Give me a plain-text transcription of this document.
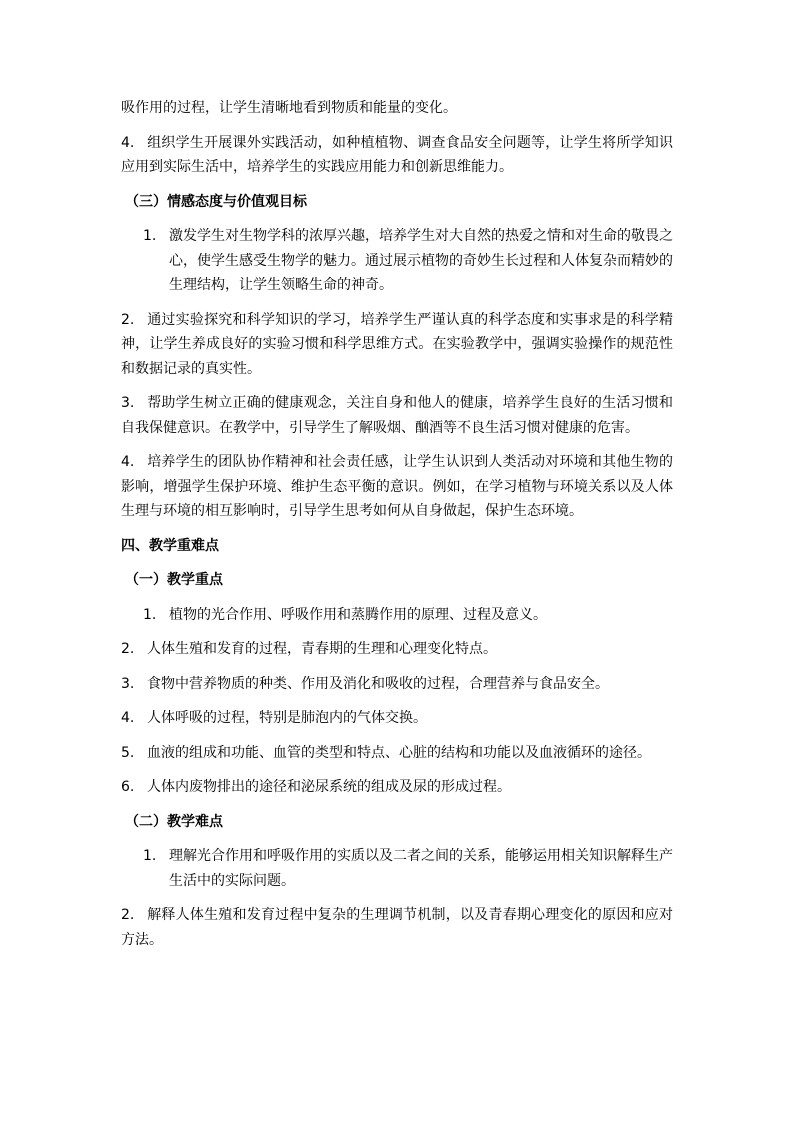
吸作用的过程，让学生清晰地看到物质和能量的变化。

4. 组织学生开展课外实践活动，如种植植物、调查食品安全问题等，让学生将所学知识应用到实际生活中，培养学生的实践应用能力和创新思维能力。
（三）情感态度与价值观目标
1. 激发学生对生物学科的浓厚兴趣，培养学生对大自然的热爱之情和对生命的敬畏之心，使学生感受生物学的魅力。通过展示植物的奇妙生长过程和人体复杂而精妙的生理结构，让学生领略生命的神奇。
2. 通过实验探究和科学知识的学习，培养学生严谨认真的科学态度和实事求是的科学精神，让学生养成良好的实验习惯和科学思维方式。在实验教学中，强调实验操作的规范性和数据记录的真实性。
3. 帮助学生树立正确的健康观念，关注自身和他人的健康，培养学生良好的生活习惯和自我保健意识。在教学中，引导学生了解吸烟、酗酒等不良生活习惯对健康的危害。
4. 培养学生的团队协作精神和社会责任感，让学生认识到人类活动对环境和其他生物的影响，增强学生保护环境、维护生态平衡的意识。例如，在学习植物与环境关系以及人体生理与环境的相互影响时，引导学生思考如何从自身做起，保护生态环境。
四、教学重难点
（一）教学重点
1. 植物的光合作用、呼吸作用和蒸腾作用的原理、过程及意义。
2. 人体生殖和发育的过程，青春期的生理和心理变化特点。
3. 食物中营养物质的种类、作用及消化和吸收的过程，合理营养与食品安全。
4. 人体呼吸的过程，特别是肺泡内的气体交换。
5. 血液的组成和功能、血管的类型和特点、心脏的结构和功能以及血液循环的途径。
6. 人体内废物排出的途径和泌尿系统的组成及尿的形成过程。
（二）教学难点
1. 理解光合作用和呼吸作用的实质以及二者之间的关系，能够运用相关知识解释生产生活中的实际问题。
2. 解释人体生殖和发育过程中复杂的生理调节机制，以及青春期心理变化的原因和应对方法。
